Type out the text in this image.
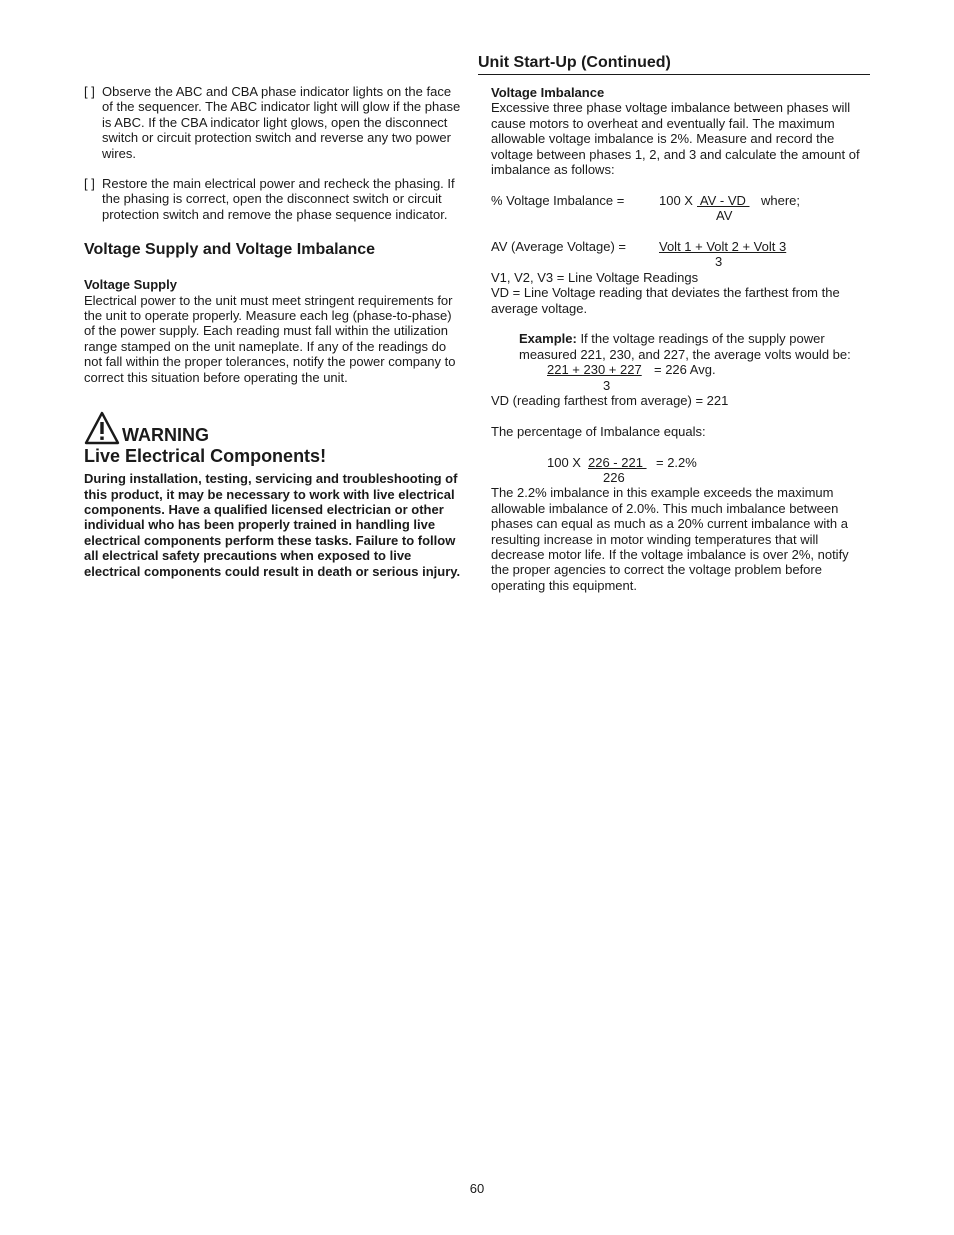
[ ] Observe the ABC and CBA phase indicator lights on the face of the sequencer. The ABC indicator light will glow if the phase is ABC. If the CBA indicator light glows, open the disconnect switch or circuit protection switch and reverse any two power wires.
[ ] Restore the main electrical power and recheck the phasing. If the phasing is correct, open the disconnect switch or circuit protection switch and remove the phase sequence indicator.
Voltage Supply and Voltage Imbalance
Voltage Supply

Electrical power to the unit must meet stringent requirements for the unit to operate properly. Measure each leg (phase-to-phase) of the power supply. Each reading must fall within the utilization range stamped on the unit nameplate. If any of the readings do not fall within the proper tolerances, notify the power company to correct this situation before operating the unit.

WARNING
Live Electrical Components!

During installation, testing, servicing and troubleshooting of this product, it may be necessary to work with live electrical components. Have a qualified licensed electrician or other individual who has been properly trained in handling live electrical components perform these tasks. Failure to follow all electrical safety precautions when exposed to live electrical components could result in death or serious injury.

Unit Start-Up (Continued)
Voltage Imbalance

Excessive three phase voltage imbalance between phases will cause motors to overheat and eventually fail. The maximum allowable voltage imbalance is 2%. Measure and record the voltage between phases 1, 2, and 3 and calculate the amount of imbalance as follows:

% Voltage Imbalance =	100 X AV - VD where;
AV
AV (Average Voltage) =	Volt 1 + Volt 2 + Volt 3
3

V1, V2, V3 = Line Voltage Readings

VD = Line Voltage reading that deviates the farthest from the average voltage.

Example: If the voltage readings of the supply power measured 221, 230, and 227, the average volts would be:

221 + 230 + 227 = 226 Avg.
3

VD (reading farthest from average) = 221

The percentage of Imbalance equals:

100 X 226 - 221 = 2.2%
226

The 2.2% imbalance in this example exceeds the maximum allowable imbalance of 2.0%. This much imbalance between phases can equal as much as a 20% current imbalance with a resulting increase in motor winding temperatures that will decrease motor life. If the voltage imbalance is over 2%, notify the proper agencies to correct the voltage problem before operating this equipment.

60
